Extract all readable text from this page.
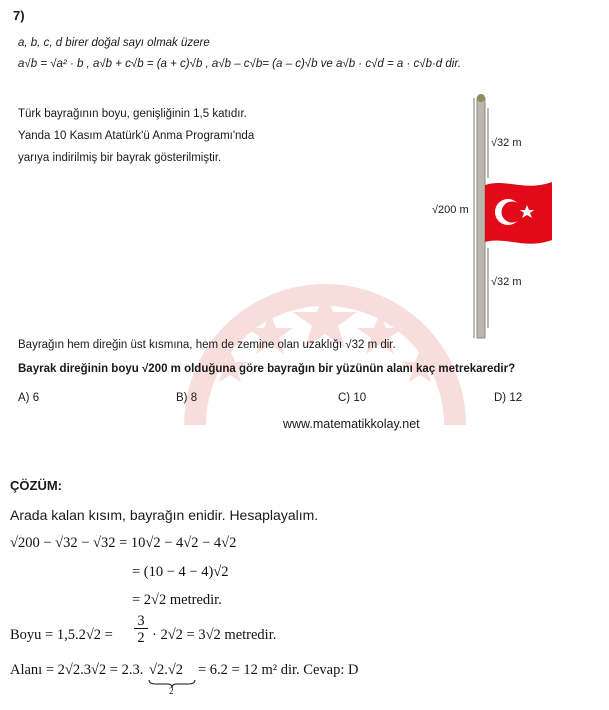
7)
a, b, c, d birer doğal sayı olmak üzere
a√b = √a² · b , a√b + c√b = (a + c)√b , a√b – c√b= (a – c)√b ve a√b · c√d = a · c√b·d dir.
Türk bayrağının boyu, genişliğinin 1,5 katıdır.
Yanda 10 Kasım Atatürk'ü Anma Programı'nda
yarıya indirilmiş bir bayrak gösterilmiştir.
√32 m
√200 m
√32 m
Bayrağın hem direğin üst kısmına, hem de zemine olan uzaklığı √32 m dir.
Bayrak direğinin boyu √200 m olduğuna göre bayrağın bir yüzünün alanı kaç metrekaredir?
A) 6	B) 8	C) 10	D) 12
www.matematikkolay.net
ÇÖZÜM:
Arada kalan kısım, bayrağın enidir. Hesaplayalım.
√200 − √32 − √32 = 10√2 − 4√2 − 4√2
= (10 − 4 − 4)√2
= 2√2 metredir.
Boyu = $1,5.2√2 = \frac{3}{2} \cdot 2√2 = 3√2$ metredir.
Alanı = 2√2.3√2 = 2.3. √2.√2
2
= 6.2 = 12 m² dir. Cevap: D
